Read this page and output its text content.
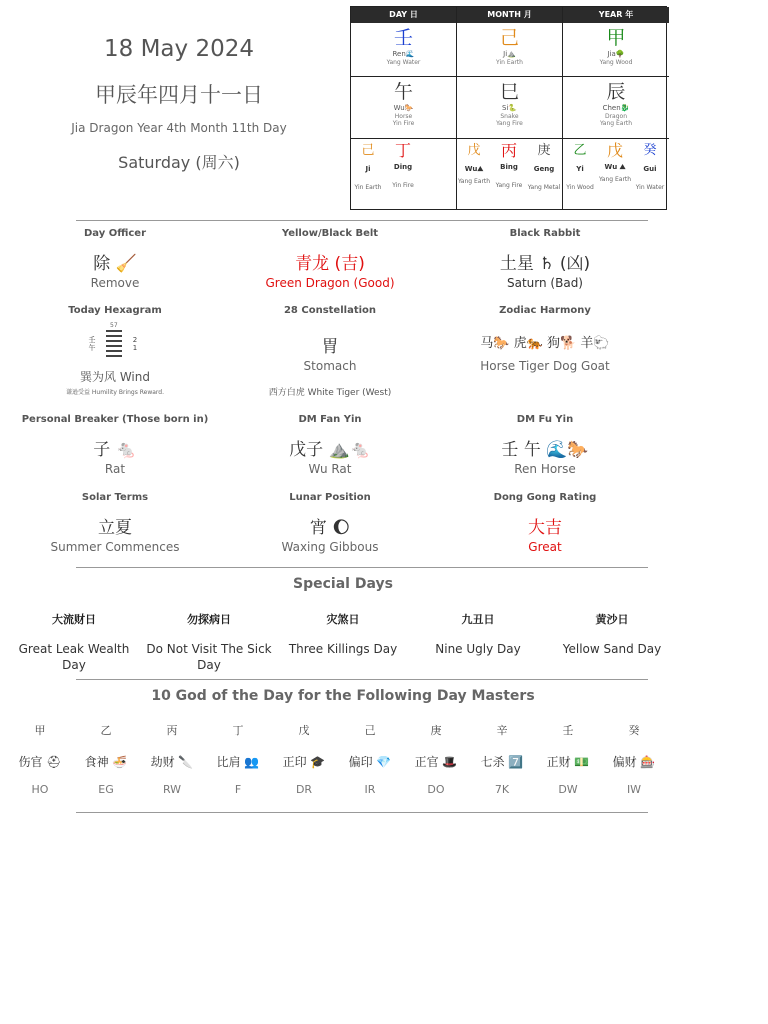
18 May 2024
甲辰年四月十一日
Jia Dragon Year 4th Month 11th Day
Saturday (周六)
DAY 日
壬
Ren🌊
Yang Water
午
Wu🐎
Horse
Yin Fire
己
Ji
Yin Earth
丁
Ding
Yin Fire
MONTH 月
己
Ji⛰️
Yin Earth
巳
Si🐍
Snake
Yang Fire
戊
Wu⛰
Yang Earth
丙
Bing
Yang Fire
庚
Geng
Yang Metal
YEAR 年
甲
Jia🌳
Yang Wood
辰
Chen🐉
Dragon
Yang Earth
乙
Yi
Yin Wood
戊
Wu ⛰
Yang Earth
癸
Gui
Yin Water
Day Officer
除 🧹
Remove
Yellow/Black Belt
青龙 (吉)
Green Dragon (Good)
Black Rabbit
土星 ♄ (凶)
Saturn (Bad)
Today Hexagram
57
壬午
2 1
巽为风 Wind
谦逊受益 Humility Brings Reward.
28 Constellation
胃
Stomach
西方白虎 White Tiger (West)
Zodiac Harmony
马🐎 虎🐅 狗🐕 羊🐑
Horse Tiger Dog Goat
Personal Breaker (Those born in)
子 🐁
Rat
DM Fan Yin
戊子 ⛰️🐁
Wu Rat
DM Fu Yin
壬 午 🌊🐎
Ren Horse
Solar Terms
立夏
Summer Commences
Lunar Position
宵 🌔
Waxing Gibbous
Dong Gong Rating
大吉
Great
Special Days
大流财日
Great Leak Wealth Day
勿探病日
Do Not Visit The Sick Day
灾煞日
Three Killings Day
九丑日
Nine Ugly Day
黄沙日
Yellow Sand Day
10 God of the Day for the Following Day Masters
甲
伤官 ⛑
HO
乙
食神 🍜
EG
丙
劫财 🔪
RW
丁
比肩 👥
F
戊
正印 🎓
DR
己
偏印 💎
IR
庚
正官 🎩
DO
辛
七杀 7️⃣
7K
壬
正财 💵
DW
癸
偏财 🎰
IW
